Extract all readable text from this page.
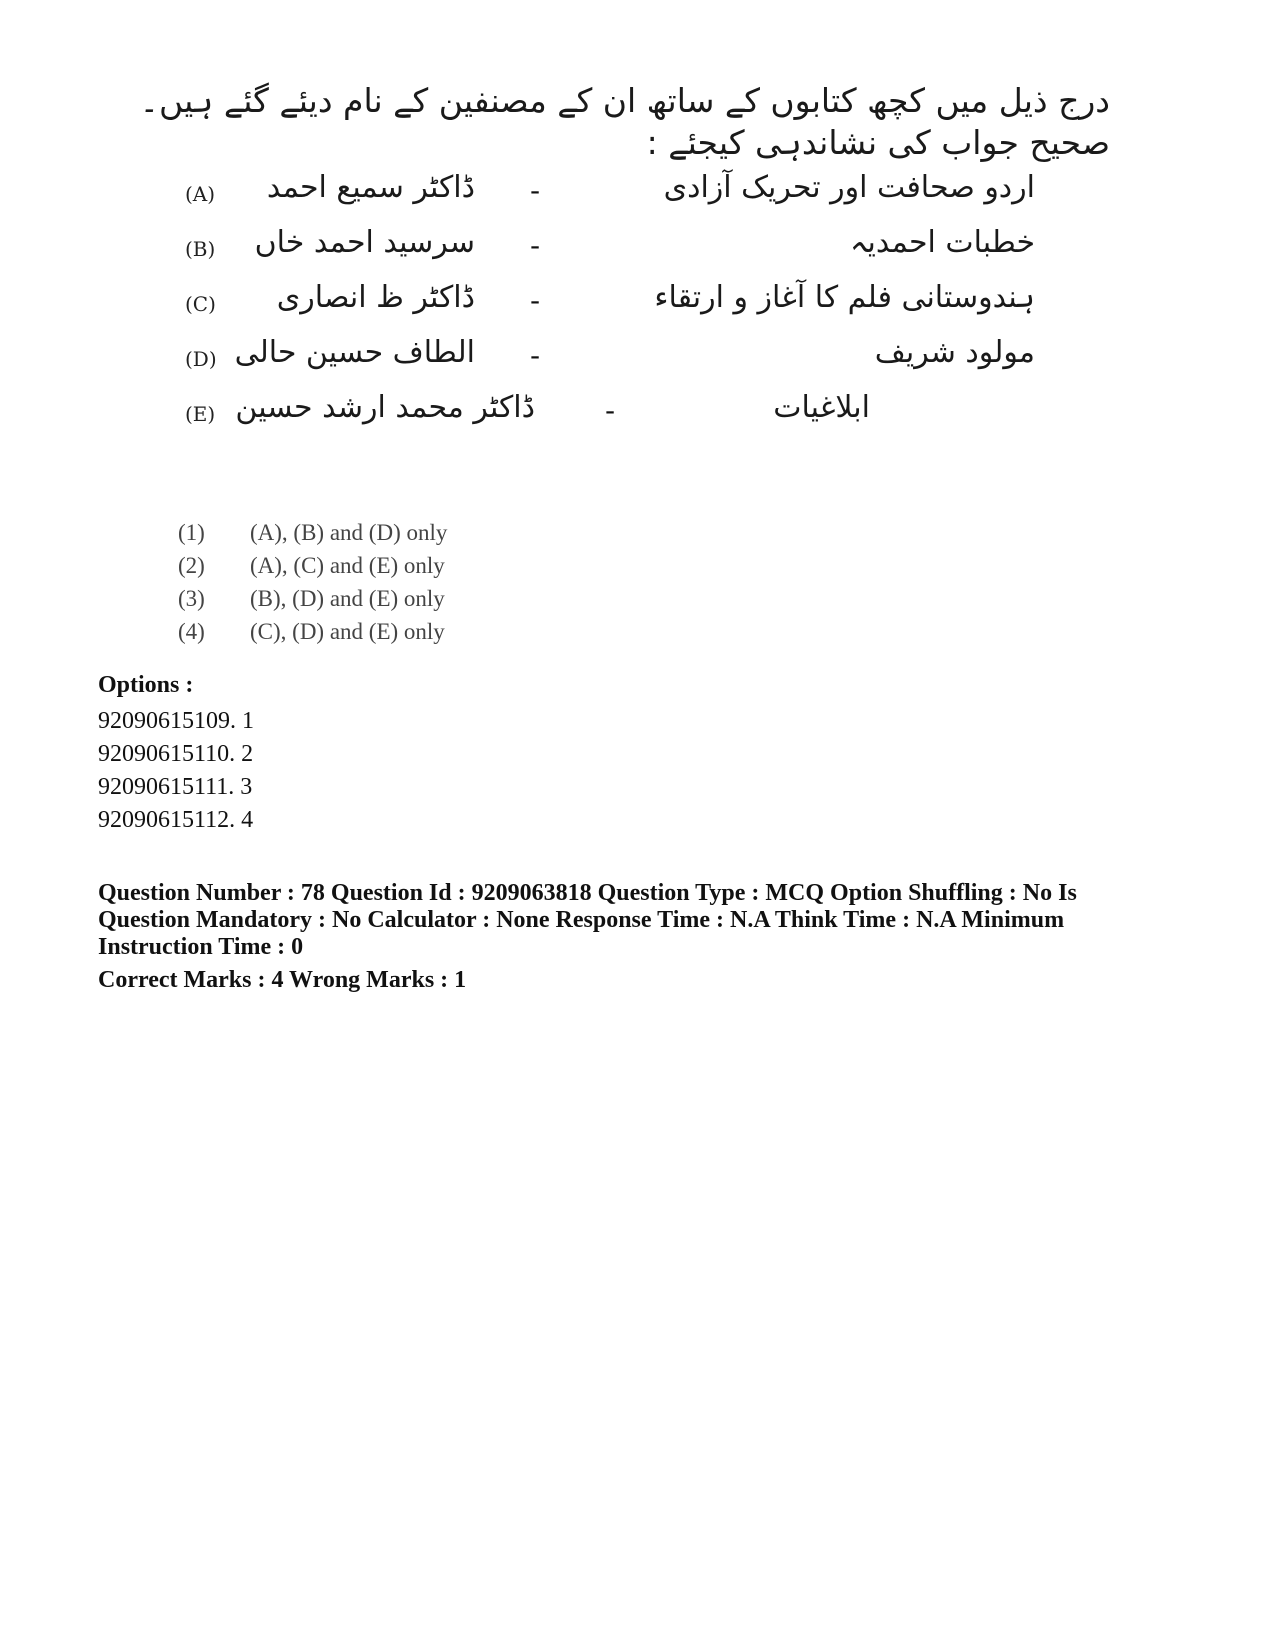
درج ذیل میں کچھ کتابوں کے ساتھ ان کے مصنفین کے نام دیئے گئے ہیں۔ صحیح جواب کی نشاندہی کیجئے :
(A) ڈاکٹر سمیع احمد -	اردو صحافت اور تحریک آزادی
(B) سرسید احمد خاں -	خطبات احمدیہ
(C) ڈاکٹر ظ انصاری -	ہندوستانی فلم کا آغاز و ارتقاء
(D) الطاف حسین حالی -	مولود شریف
(E) ڈاکٹر محمد ارشد حسین	-	ابلاغیات
(1) (A), (B) and (D) only
(2) (A), (C) and (E) only
(3) (B), (D) and (E) only
(4) (C), (D) and (E) only
Options :
92090615109. 1
92090615110. 2
92090615111. 3
92090615112. 4
Question Number : 78 Question Id : 9209063818 Question Type : MCQ Option Shuffling : No Is Question Mandatory : No Calculator : None Response Time : N.A Think Time : N.A Minimum Instruction Time : 0
Correct Marks : 4 Wrong Marks : 1
